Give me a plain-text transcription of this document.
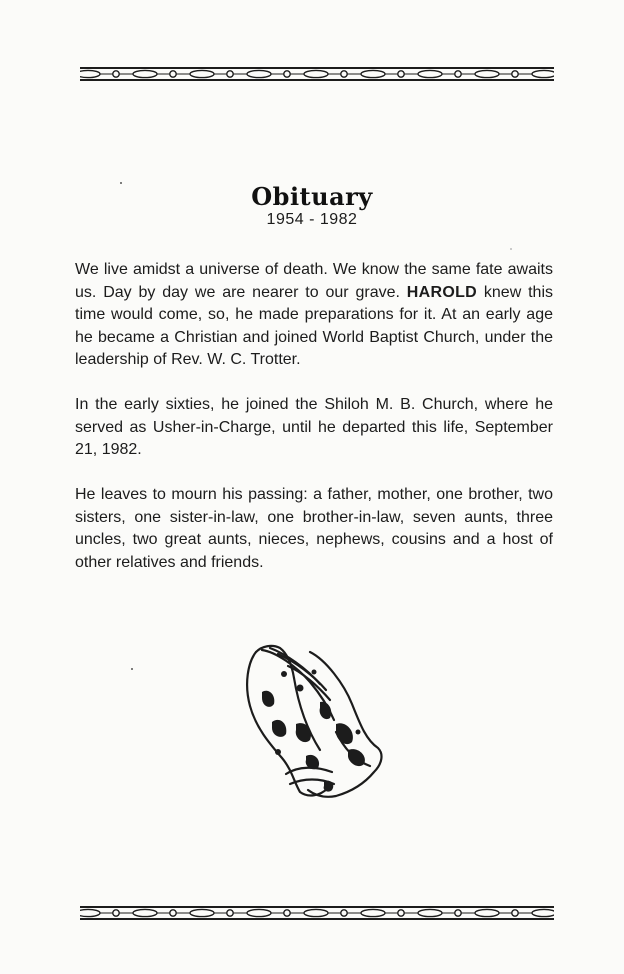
Obituary
1954 - 1982

We live amidst a universe of death. We know the same fate awaits us. Day by day we are nearer to our grave. HAROLD knew this time would come, so, he made preparations for it. At an early age he became a Christian and joined World Baptist Church, under the leadership of Rev. W. C. Trotter.

In the early sixties, he joined the Shiloh M. B. Church, where he served as Usher-in-Charge, until he departed this life, September 21, 1982.

He leaves to mourn his passing: a father, mother, one brother, two sisters, one sister-in-law, one brother-in-law, seven aunts, three uncles, two great aunts, nieces, nephews, cousins and a host of other relatives and friends.
